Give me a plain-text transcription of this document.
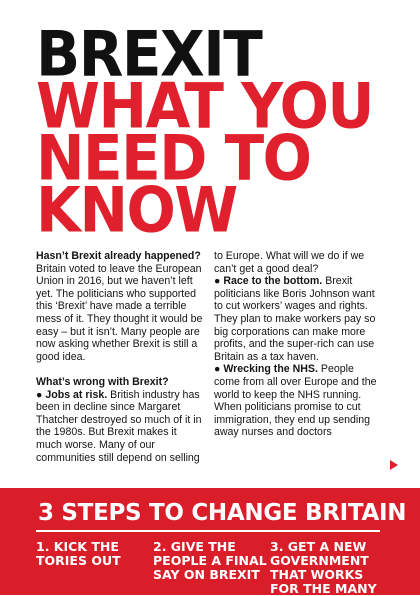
BREXIT
WHAT YOU
NEED TO
KNOW

Hasn’t Brexit already happened?

Britain voted to leave the European Union in 2016, but we haven’t left yet. The politicians who supported this ‘Brexit’ have made a terrible mess of it. They thought it would be easy – but it isn’t. Many people are now asking whether Brexit is still a good idea.

What’s wrong with Brexit?

● Jobs at risk. British industry has been in decline since Margaret Thatcher destroyed so much of it in the 1980s. But Brexit makes it much worse. Many of our communities still depend on selling

to Europe. What will we do if we can’t get a good deal?

● Race to the bottom. Brexit politicians like Boris Johnson want to cut workers’ wages and rights. They plan to make workers pay so big corporations can make more profits, and the super-rich can use Britain as a tax haven.

● Wrecking the NHS. People come from all over Europe and the world to keep the NHS running. When politicians promise to cut immigration, they end up sending away nurses and doctors

3 STEPS TO CHANGE BRITAIN
1. KICK THE
TORIES OUT
2. GIVE THE
PEOPLE A FINAL
SAY ON BREXIT
3. GET A NEW
GOVERNMENT
THAT WORKS
FOR THE MANY
